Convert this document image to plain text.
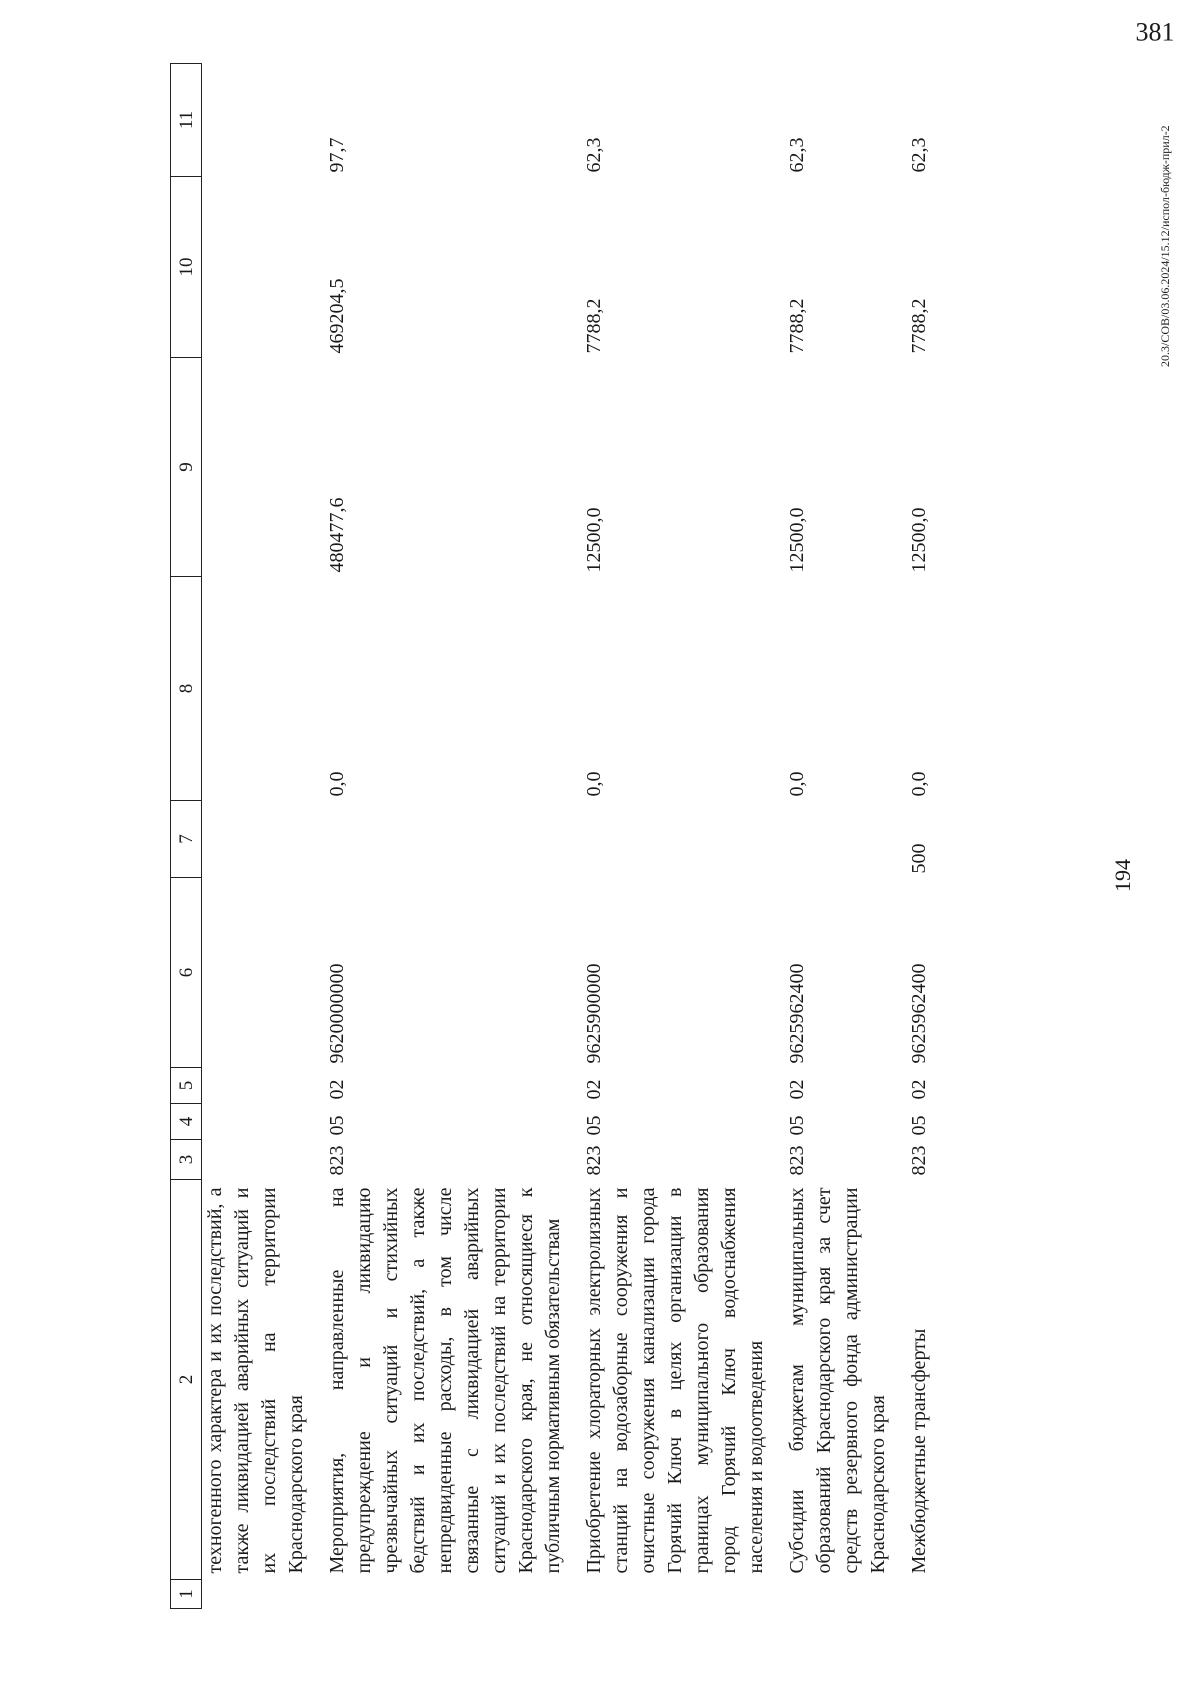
194
1	2	3	4	5	6	7	8	9	10	11
	техногенного характера и их последствий, а также ликвидацией аварийных ситуаций и их последствий на территории Краснодарского края									
	Мероприятия, направленные на предупреждение и ликвидацию чрезвычайных ситуаций и стихийных бедствий и их последствий, а также непредвиденные расходы, в том числе связанные с ликвидацией аварийных ситуаций и их последствий на территории Краснодарского края, не относящиеся к публичным нормативным обязательствам	823	05	02	9620000000		0,0	480477,6	469204,5	97,7
	Приобретение хлораторных электролизных станций на водозаборные сооружения и очистные сооружения канализации города Горячий Ключ в целях организации в границах муниципального образования город Горячий Ключ водоснабжения населения и водоотведения	823	05	02	9625900000		0,0	12500,0	7788,2	62,3
	Субсидии бюджетам муниципальных образований Краснодарского края за счет средств резервного фонда администрации Краснодарского края	823	05	02	9625962400		0,0	12500,0	7788,2	62,3
	Межбюджетные трансферты	823	05	02	9625962400	500	0,0	12500,0	7788,2	62,3	20.3/СОВ/03.06.2024/15.12/испол-бюдж-прил-2
381
